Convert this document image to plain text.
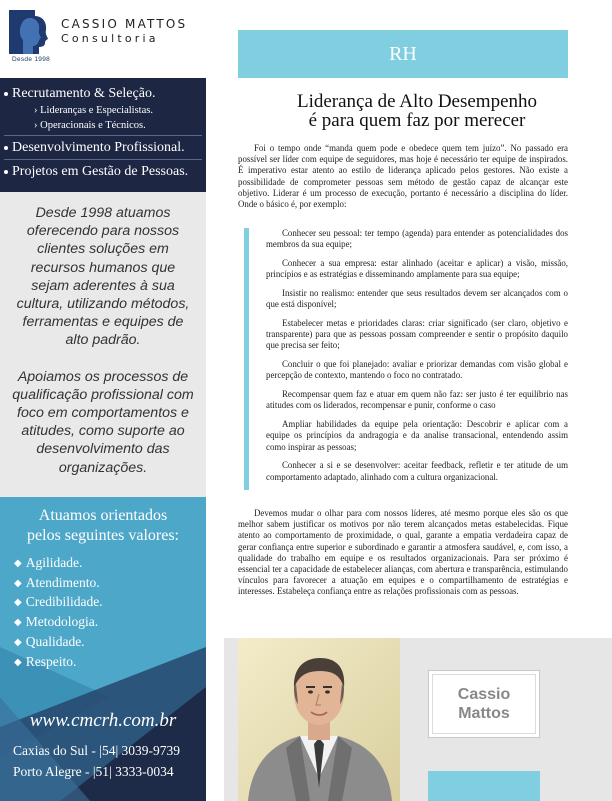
Desde 1998
CASSIO MATTOS
Consultoria
Recrutamento & Seleção.
› Lideranças e Especialistas.
› Operacionais e Técnicos.
Desenvolvimento Profissional.
Projetos em Gestão de Pessoas.

Desde 1998 atuamos oferecendo para nossos clientes soluções em recursos humanos que sejam aderentes à sua cultura, utilizando métodos, ferramentas e equipes de alto padrão.

Apoiamos os processos de qualificação profissional com foco em comportamentos e atitudes, como suporte ao desenvolvimento das organizações.

Atuamos orientados
pelos seguintes valores:
◆ Agilidade.
◆ Atendimento.
◆ Credibilidade.
◆ Metodologia.
◆ Qualidade.
◆ Respeito.
www.cmcrh.com.br
Caxias do Sul - |54| 3039-9739
Porto Alegre - |51| 3333-0034
RH
Liderança de Alto Desempenho
é para quem faz por merecer

Foi o tempo onde “manda quem pode e obedece quem tem juízo”. No passado era possível ser líder com equipe de seguidores, mas hoje é necessário ter equipe de inspirados. É imperativo estar atento ao estilo de liderança aplicado pelos gestores. Não existe a possibilidade de comprometer pessoas sem método de gestão capaz de alcançar este objetivo. Liderar é um processo de execução, portanto é necessário a disciplina do líder. Onde o básico é, por exemplo:

Conhecer seu pessoal: ter tempo (agenda) para entender as potencialidades dos membros da sua equipe;
Conhecer a sua empresa: estar alinhado (aceitar e aplicar) a visão, missão, princípios e as estratégias e disseminando amplamente para sua equipe;
Insistir no realismo: entender que seus resultados devem ser alcançados com o que está disponível;
Estabelecer metas e prioridades claras: criar significado (ser claro, objetivo e transparente) para que as pessoas possam compreender e sentir o propósito daquilo que precisa ser feito;
Concluir o que foi planejado: avaliar e priorizar demandas com visão global e percepção de contexto, mantendo o foco no contratado.
Recompensar quem faz e atuar em quem não faz: ser justo é ter equilíbrio nas atitudes com os liderados, recompensar e punir, conforme o caso
Ampliar habilidades da equipe pela orientação: Descobrir e aplicar com a equipe os princípios da andragogia e da analise transacional, entendendo assim como inspirar as pessoas;
Conhecer a si e se desenvolver: aceitar feedback, refletir e ter atitude de um comportamento adaptado, alinhado com a cultura organizacional.

Devemos mudar o olhar para com nossos líderes, até mesmo porque eles são os que melhor sabem justificar os motivos por não terem alcançados metas estabelecidas. Fique atento ao comportamento de proximidade, o qual, garante a empatia verdadeira capaz de gerar confiança entre superior e subordinado e garantir a atmosfera saudável, e, com isso, a qualidade do trabalho em equipe e os resultados organizacionais. Para ser próximo é essencial ter a capacidade de estabelecer alianças, com abertura e transparência, estimulando vínculos para favorecer a atuação em equipes e o compartilhamento de estratégias e interesses. Estabeleça confiança entre as relações profissionais com as pessoas.

Cassio
Mattos
